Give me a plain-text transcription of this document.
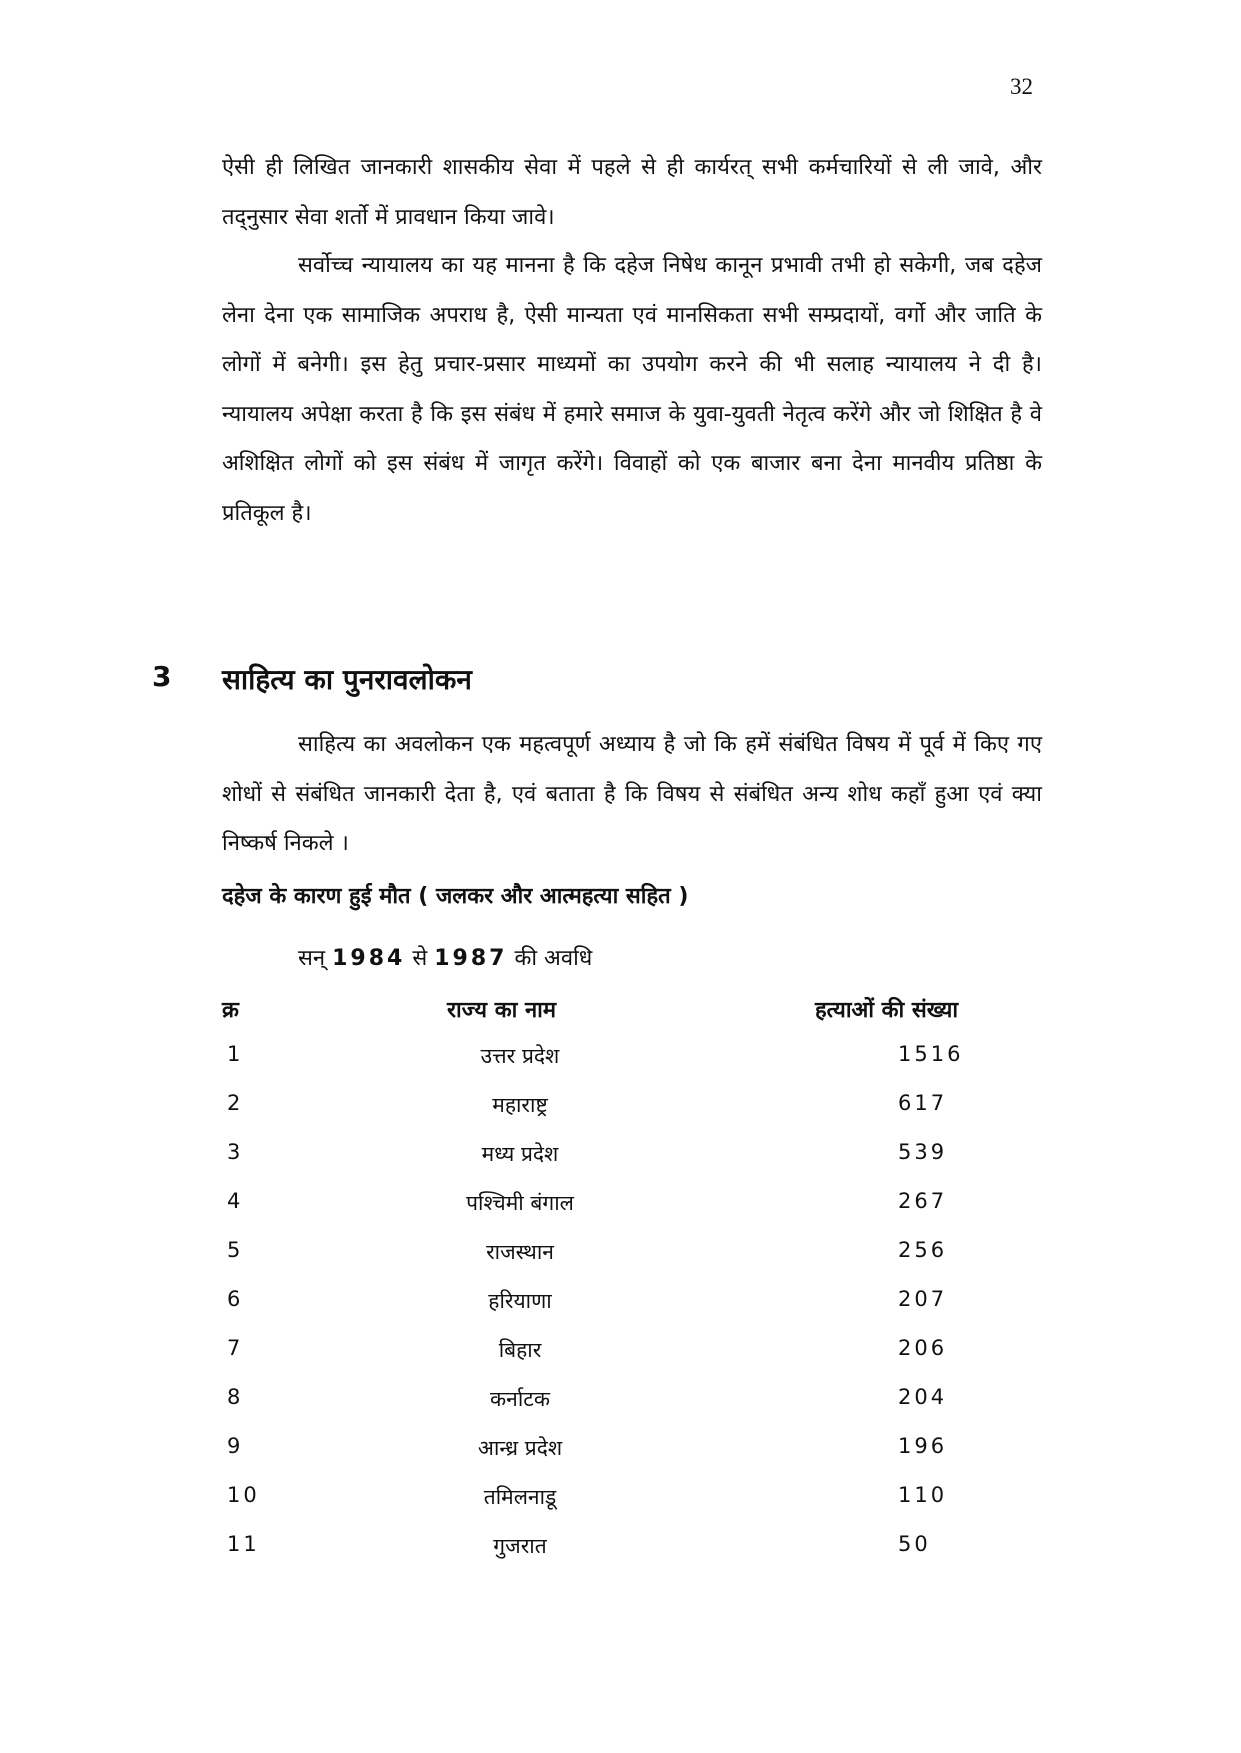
32

ऐसी ही लिखित जानकारी शासकीय सेवा में पहले से ही कार्यरत् सभी कर्मचारियों से ली जावे, और तद्नुसार सेवा शर्तो में प्रावधान किया जावे।

सर्वोच्च न्यायालय का यह मानना है कि दहेज निषेध कानून प्रभावी तभी हो सकेगी, जब दहेज लेना देना एक सामाजिक अपराध है, ऐसी मान्यता एवं मानसिकता सभी सम्प्रदायों, वर्गो और जाति के लोगों में बनेगी। इस हेतु प्रचार-प्रसार माध्यमों का उपयोग करने की भी सलाह न्यायालय ने दी है। न्यायालय अपेक्षा करता है कि इस संबंध में हमारे समाज के युवा-युवती नेतृत्व करेंगे और जो शिक्षित है वे अशिक्षित लोगों को इस संबंध में जागृत करेंगे। विवाहों को एक बाजार बना देना मानवीय प्रतिष्ठा के प्रतिकूल है।

3 साहित्य का पुनरावलोकन

साहित्य का अवलोकन एक महत्वपूर्ण अध्याय है जो कि हमें संबंधित विषय में पूर्व में किए गए शोधों से संबंधित जानकारी देता है, एवं बताता है कि विषय से संबंधित अन्य शोध कहाँ हुआ एवं क्या निष्कर्ष निकले ।

दहेज के कारण हुई मौत ( जलकर और आत्महत्या सहित )
सन् 1984 से 1987 की अवधि
क्र	राज्य का नाम	हत्याओं की संख्या
1	उत्तर प्रदेश	1516
2	महाराष्ट्र	617
3	मध्य प्रदेश	539
4	पश्चिमी बंगाल	267
5	राजस्थान	256
6	हरियाणा	207
7	बिहार	206
8	कर्नाटक	204
9	आन्ध्र प्रदेश	196
10	तमिलनाडू	110
11	गुजरात	50
